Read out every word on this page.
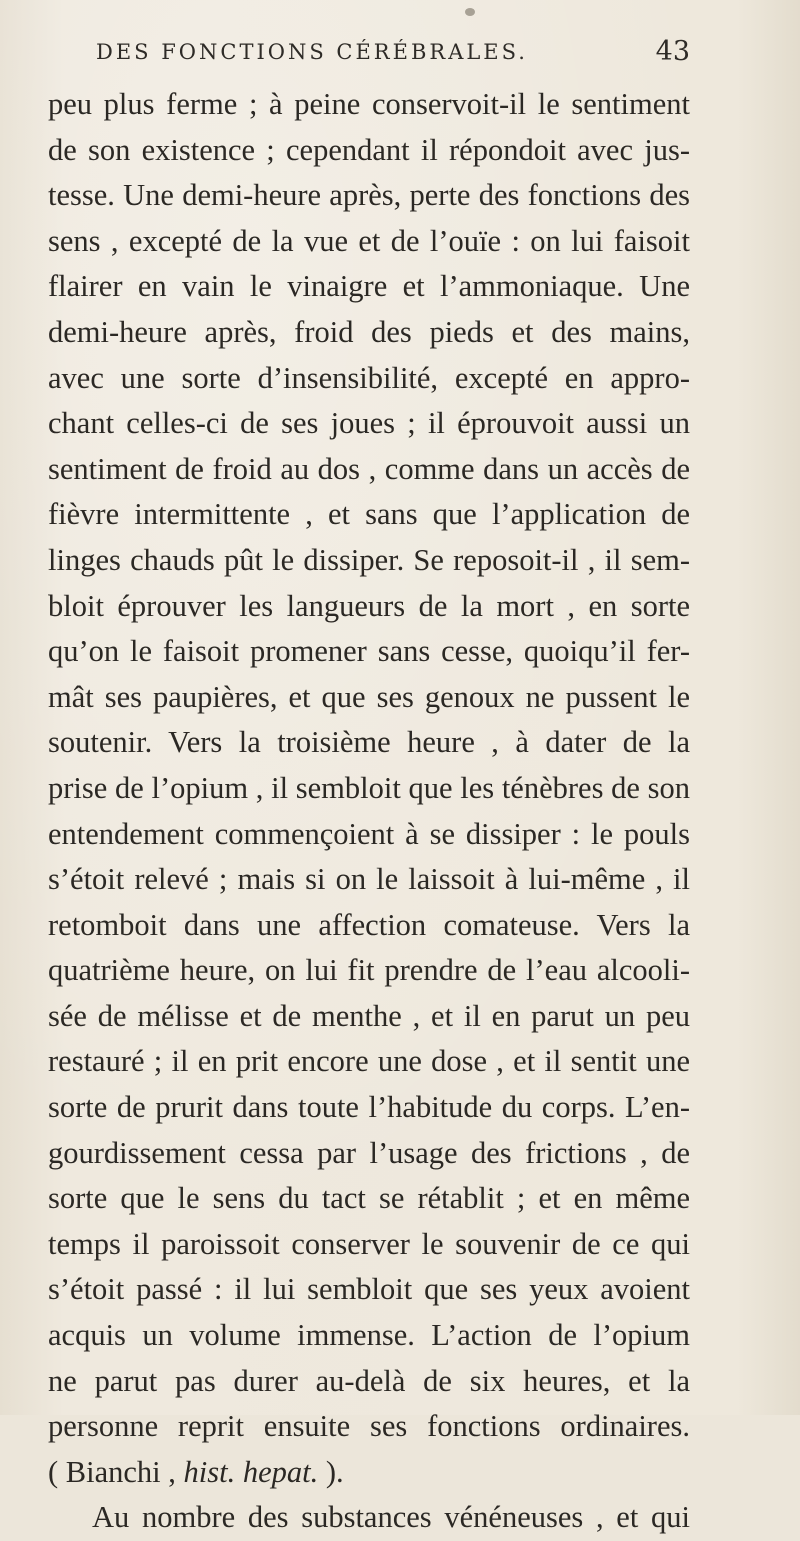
DES FONCTIONS CÉRÉBRALES.	43
peu plus ferme ; à peine conservoit-il le sentiment
de son existence ; cependant il répondoit avec jus-
tesse. Une demi-heure après, perte des fonctions des
sens , excepté de la vue et de l’ouïe : on lui faisoit
flairer en vain le vinaigre et l’ammoniaque. Une
demi-heure après, froid des pieds et des mains,
avec une sorte d’insensibilité, excepté en appro-
chant celles-ci de ses joues ; il éprouvoit aussi un
sentiment de froid au dos , comme dans un accès de
fièvre intermittente , et sans que l’application de
linges chauds pût le dissiper. Se reposoit-il , il sem-
bloit éprouver les langueurs de la mort , en sorte
qu’on le faisoit promener sans cesse, quoiqu’il fer-
mât ses paupières, et que ses genoux ne pussent le
soutenir. Vers la troisième heure , à dater de la
prise de l’opium , il sembloit que les ténèbres de son
entendement commençoient à se dissiper : le pouls
s’étoit relevé ; mais si on le laissoit à lui-même , il
retomboit dans une affection comateuse. Vers la
quatrième heure, on lui fit prendre de l’eau alcooli-
sée de mélisse et de menthe , et il en parut un peu
restauré ; il en prit encore une dose , et il sentit une
sorte de prurit dans toute l’habitude du corps. L’en-
gourdissement cessa par l’usage des frictions , de
sorte que le sens du tact se rétablit ; et en même
temps il paroissoit conserver le souvenir de ce qui
s’étoit passé : il lui sembloit que ses yeux avoient
acquis un volume immense. L’action de l’opium
ne parut pas durer au-delà de six heures, et la
personne reprit ensuite ses fonctions ordinaires.
( Bianchi , hist. hepat. ).
Au nombre des substances vénéneuses , et qui
